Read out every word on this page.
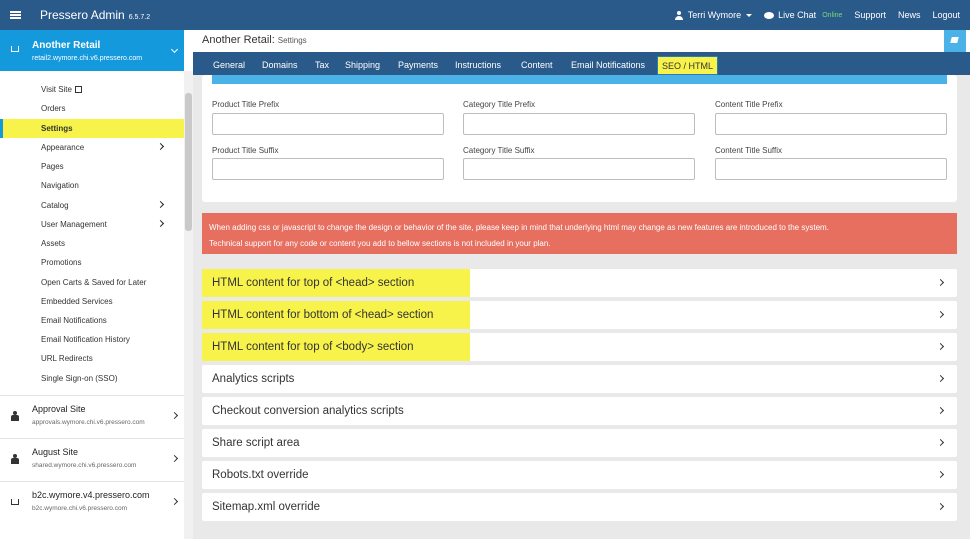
Pressero Admin 6.5.7.2	Terri Wymore	Live Chat Online Support News Logout
Another Retail
retail2.wymore.chi.v6.pressero.com
Visit Site
Orders
Settings
Appearance
Pages
Navigation
Catalog
User Management
Assets
Promotions
Open Carts & Saved for Later
Embedded Services
Email Notifications
Email Notification History
URL Redirects
Single Sign-on (SSO)
Approval Site
approvals.wymore.chi.v6.pressero.com
August Site
shared.wymore.chi.v6.pressero.com
b2c.wymore.v4.pressero.com
b2c.wymore.chi.v6.pressero.com
Another Retail: Settings
General	Domains	Tax	Shipping	Payments	Instructions	Content	Email Notifications	SEO / HTML
Product Title Prefix	Category Title Prefix	Content Title Prefix
Product Title Suffix	Category Title Suffix	Content Title Suffix
When adding css or javascript to change the design or behavior of the site, please keep in mind that underlying html may change as new features are introduced to the system.
Technical support for any code or content you add to bellow sections is not included in your plan.
HTML content for top of <head> section
HTML content for bottom of <head> section
HTML content for top of <body> section
Analytics scripts
Checkout conversion analytics scripts
Share script area
Robots.txt override
Sitemap.xml override
